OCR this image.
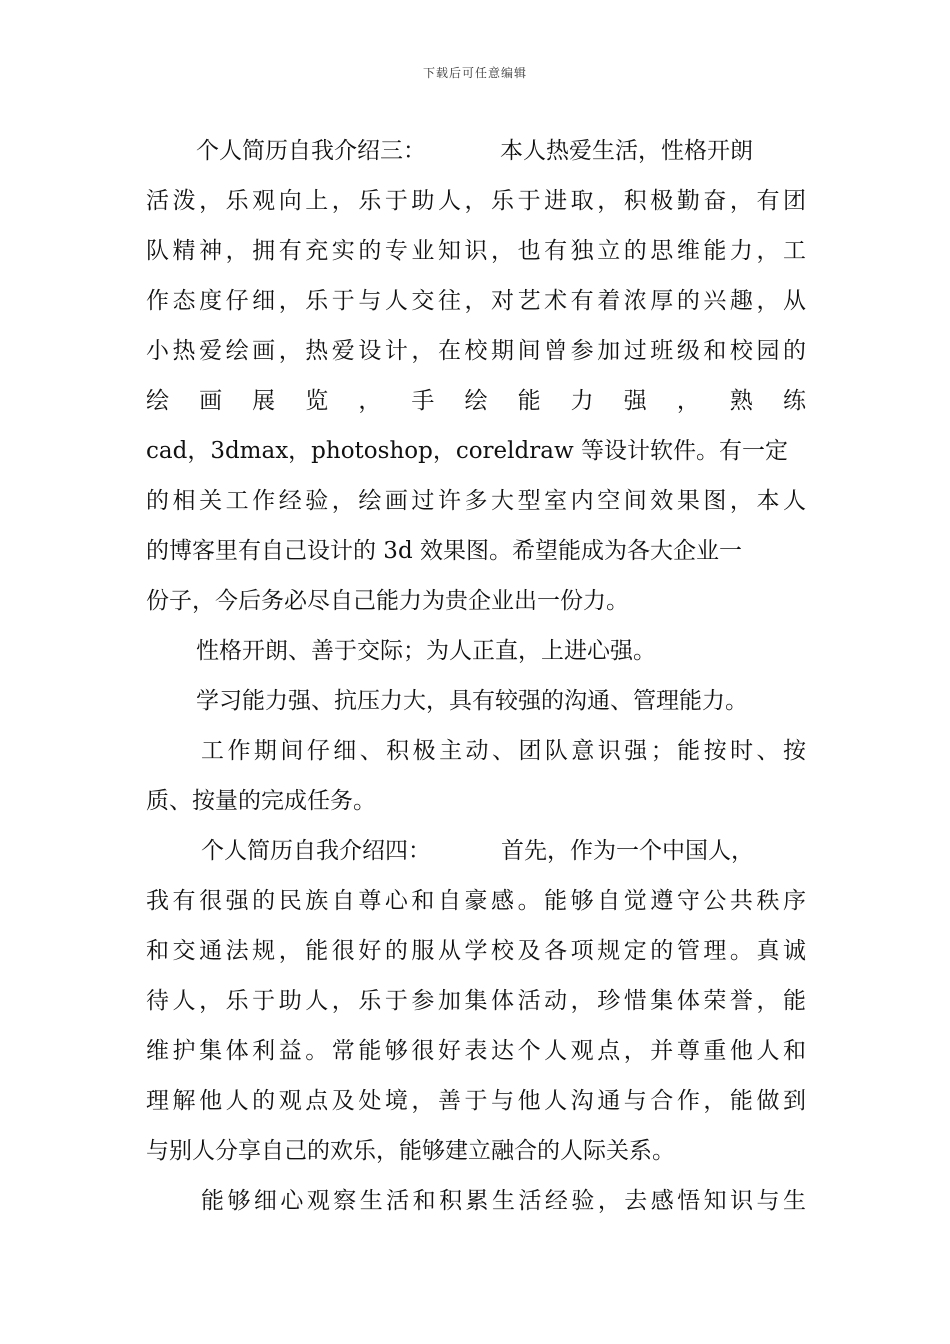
下载后可任意编辑
个人简历自我介绍三：	本人热爱生活，性格开朗
活泼，乐观向上，乐于助人，乐于进取，积极勤奋，有团
队精神，拥有充实的专业知识，也有独立的思维能力，工
作态度仔细，乐于与人交往，对艺术有着浓厚的兴趣，从
小热爱绘画，热爱设计，在校期间曾参加过班级和校园的
绘 画 展 览 ， 手 绘 能 力 强 ， 熟 练
cad，3dmax，photoshop，coreldraw 等设计软件。有一定
的相关工作经验，绘画过许多大型室内空间效果图，本人
的博客里有自己设计的 3d 效果图。希望能成为各大企业一
份子，今后务必尽自己能力为贵企业出一份力。
性格开朗、善于交际；为人正直，上进心强。
学习能力强、抗压力大，具有较强的沟通、管理能力。
工作期间仔细、积极主动、团队意识强；能按时、按
质、按量的完成任务。
个人简历自我介绍四：	首先，作为一个中国人，
我有很强的民族自尊心和自豪感。能够自觉遵守公共秩序
和交通法规，能很好的服从学校及各项规定的管理。真诚
待人，乐于助人，乐于参加集体活动，珍惜集体荣誉，能
维护集体利益。常能够很好表达个人观点，并尊重他人和
理解他人的观点及处境，善于与他人沟通与合作，能做到
与别人分享自己的欢乐，能够建立融合的人际关系。
能够细心观察生活和积累生活经验，去感悟知识与生
